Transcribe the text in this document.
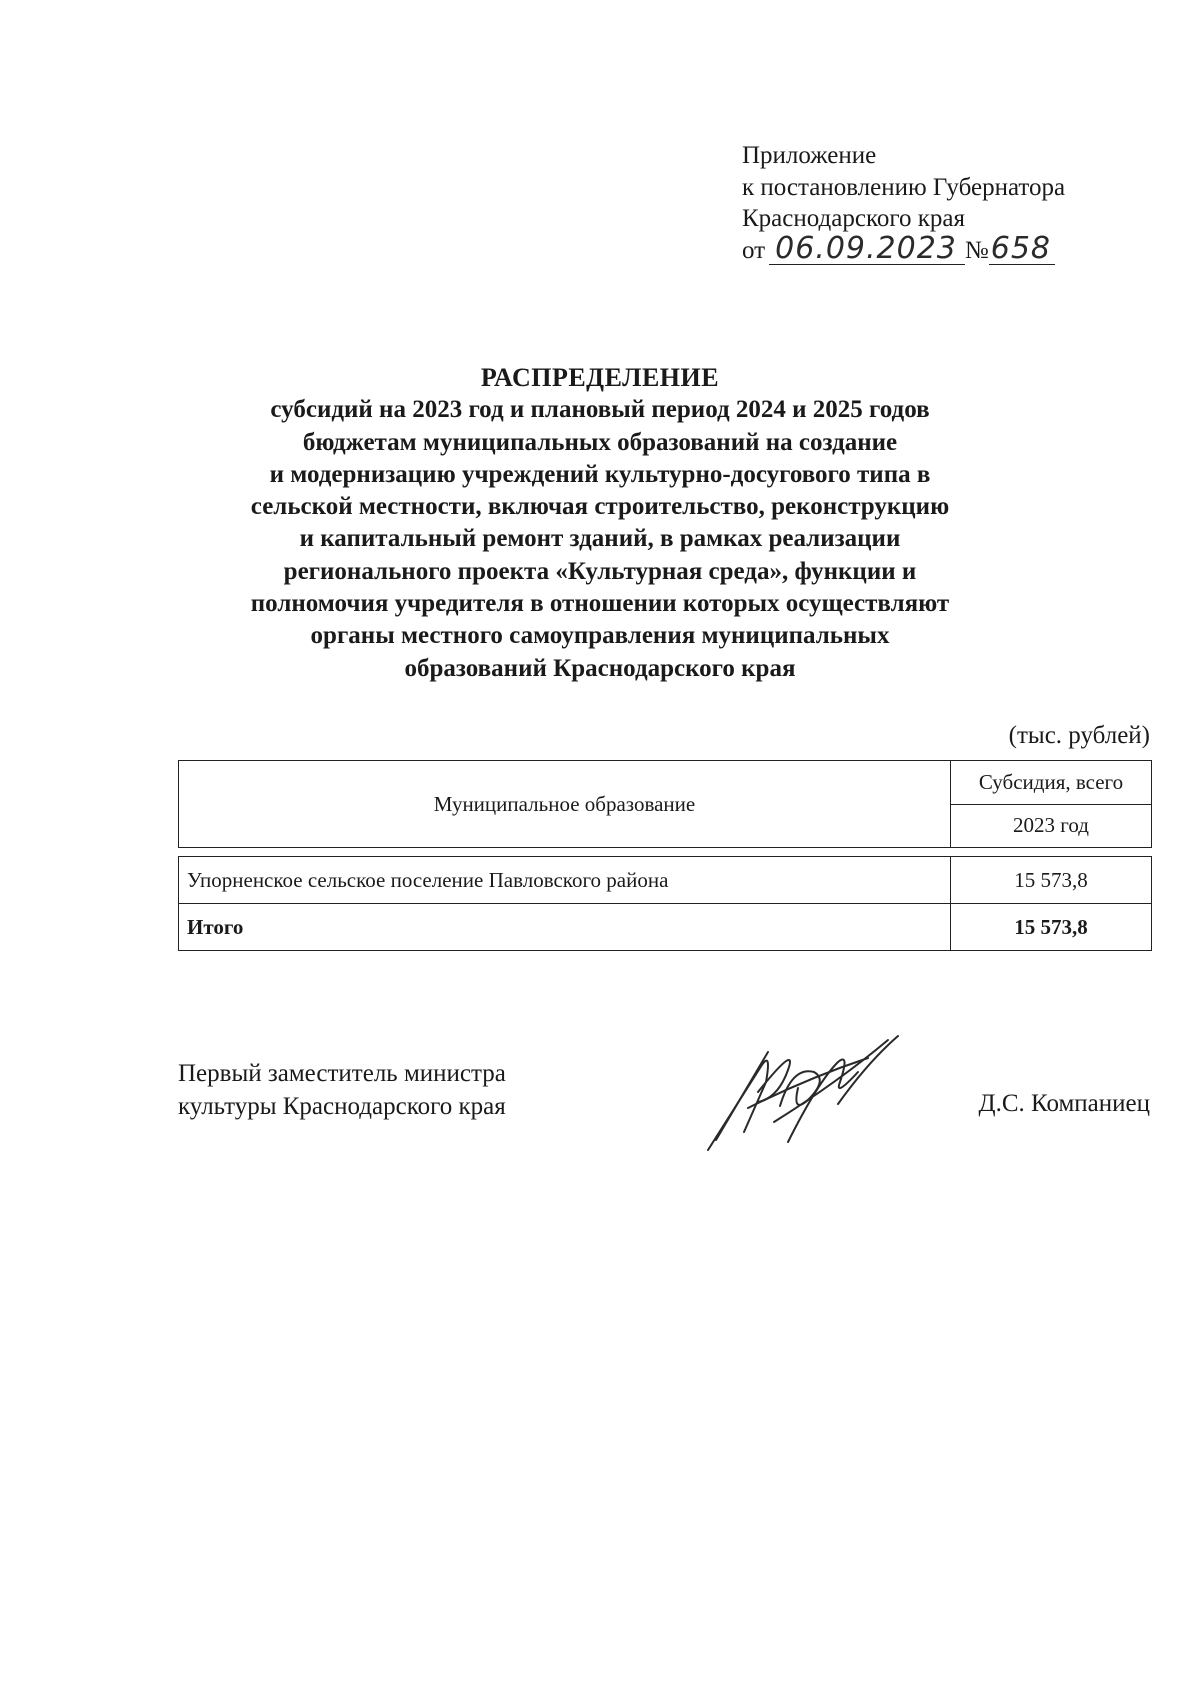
Приложение
к постановлению Губернатора
Краснодарского края
от 06.09.2023 №658
РАСПРЕДЕЛЕНИЕ
субсидий на 2023 год и плановый период 2024 и 2025 годов
бюджетам муниципальных образований на создание
и модернизацию учреждений культурно-досугового типа в
сельской местности, включая строительство, реконструкцию
и капитальный ремонт зданий, в рамках реализации
регионального проекта «Культурная среда», функции и
полномочия учредителя в отношении которых осуществляют
органы местного самоуправления муниципальных
образований Краснодарского края
(тыс. рублей)
Муниципальное образование	Субсидия, всего
	2023 год

Упорненское сельское поселение Павловского района	15 573,8
Итого	15 573,8
Первый заместитель министра
культуры Краснодарского края	Д.С. Компаниец
